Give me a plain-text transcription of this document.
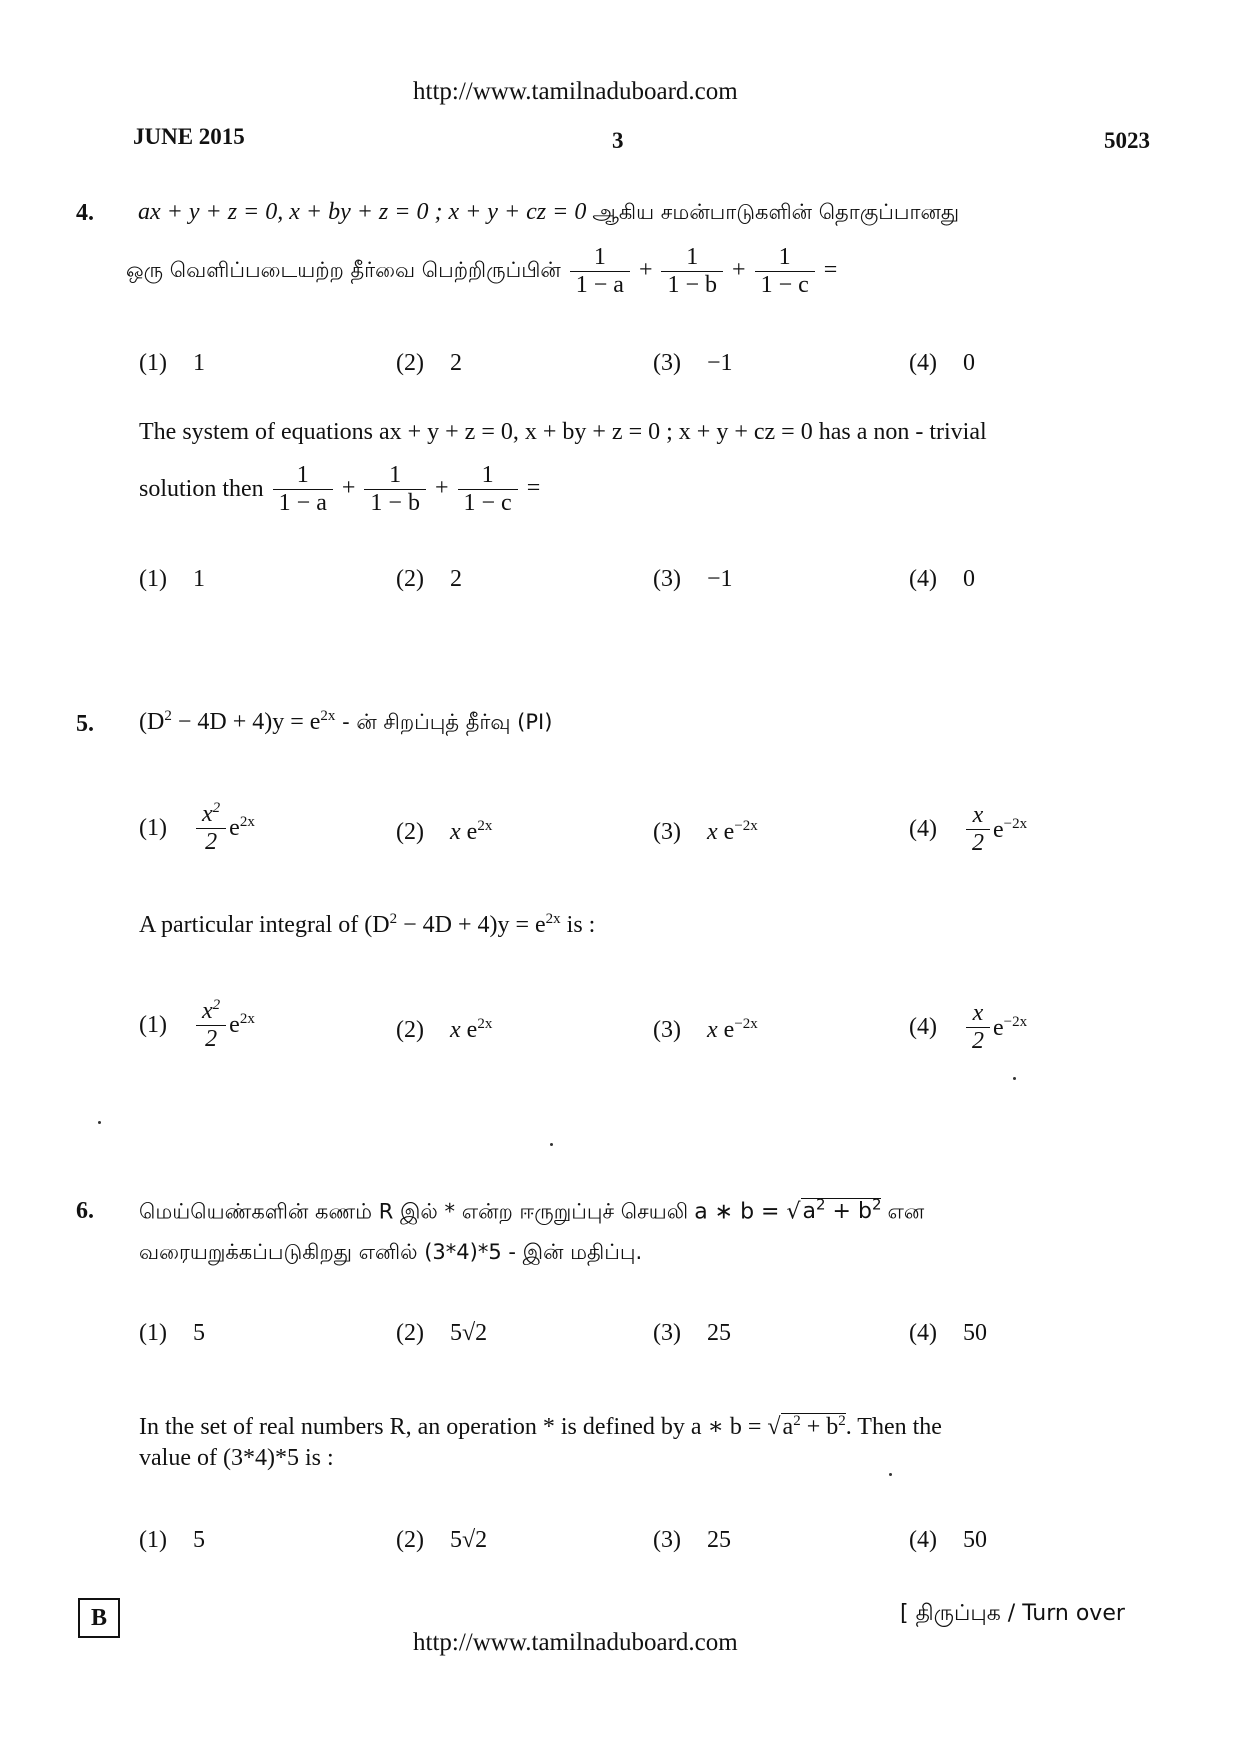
http://www.tamilnaduboard.com
JUNE 2015	3	5023
4. ax + y + z = 0, x + by + z = 0 ; x + y + cz = 0 ஆகிய சமன்பாடுகளின் தொகுப்பானது
ஒரு வெளிப்படையற்ற தீர்வை பெற்றிருப்பின் $\frac{1}{1 - a} + \frac{1}{1 - b} + \frac{1}{1 - c}$ =
(1) 1	(2) 2	(3) −1	(4) 0
The system of equations ax + y + z = 0, x + by + z = 0 ; x + y + cz = 0 has a non - trivial
solution then $\frac{1}{1 - a} + \frac{1}{1 - b} + \frac{1}{1 - c}$ =
(1) 1	(2) 2	(3) −1	(4) 0
5. $(D^2 - 4D + 4)y = e^{2x}$ - ன் சிறப்புத் தீர்வு (PI)
$(1) \frac{x^2}{2} e^{2x}$	(2) x $e^{2x}$	(3) x $e^{-2x}$	$(4) \frac{x}{2} e^{-2x}$
A particular integral of $(D^2 - 4D + 4)y = e^{2x}$ is :
$(1) \frac{x^2}{2} e^{2x}$	(2) x $e^{2x}$	(3) x $e^{-2x}$	$(4) \frac{x}{2} e^{-2x}$
6. மெய்யெண்களின் கணம் R இல் * என்ற ஈருறுப்புச் செயலி a ∗ $b = √a^2 + b^2$ என
வரையறுக்கப்படுகிறது எனில் (3*4)*5 - இன் மதிப்பு.
(1) 5	(2) 5√2	(3) 25	(4) 50
In the set of real numbers R, an operation * is defined by a ∗ $b = √a^2 + b^2$. Then the
value of (3*4)*5 is :
(1) 5	(2) 5√2	(3) 25	(4) 50
B	[ திருப்புக / Turn over
http://www.tamilnaduboard.com
